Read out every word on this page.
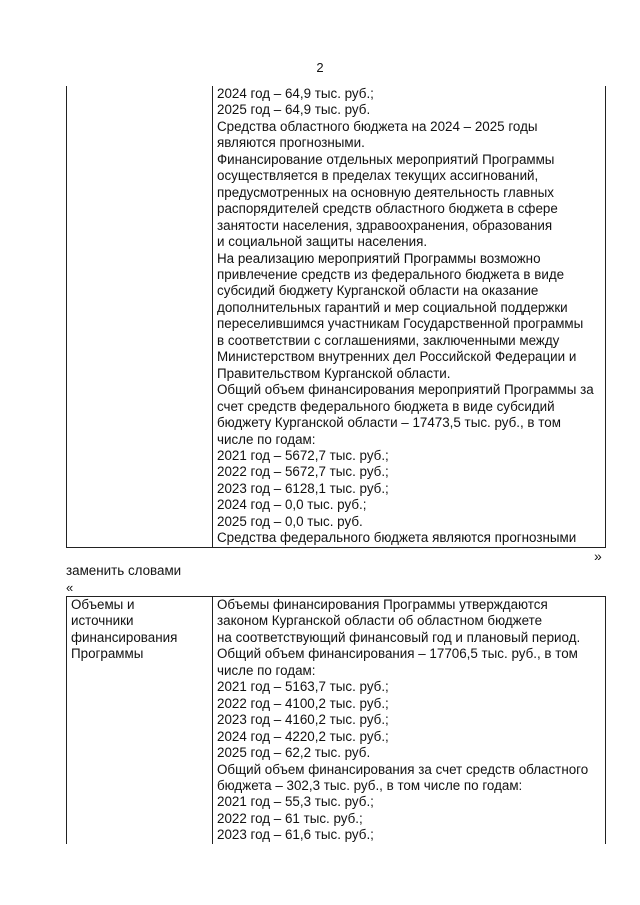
2

2024 год – 64,9 тыс. руб.;
2025 год – 64,9 тыс. руб.
Средства областного бюджета на 2024 – 2025 годы
являются прогнозными.
Финансирование отдельных мероприятий Программы
осуществляется в пределах текущих ассигнований,
предусмотренных на основную деятельность главных
распорядителей средств областного бюджета в сфере
занятости населения, здравоохранения, образования
и социальной защиты населения.
На реализацию мероприятий Программы возможно
привлечение средств из федерального бюджета в виде
субсидий бюджету Курганской области на оказание
дополнительных гарантий и мер социальной поддержки
переселившимся участникам Государственной программы
в соответствии с соглашениями, заключенными между
Министерством внутренних дел Российской Федерации и
Правительством Курганской области.
Общий объем финансирования мероприятий Программы за
счет средств федерального бюджета в виде субсидий
бюджету Курганской области – 17473,5 тыс. руб., в том
числе по годам:
2021 год – 5672,7 тыс. руб.;
2022 год – 5672,7 тыс. руб.;
2023 год – 6128,1 тыс. руб.;
2024 год – 0,0 тыс. руб.;
2025 год – 0,0 тыс. руб.
Средства федерального бюджета являются прогнозными
»
заменить словами
«
Объемы и
источники
финансирования
Программы

Объемы финансирования Программы утверждаются
законом Курганской области об областном бюджете
на соответствующий финансовый год и плановый период.
Общий объем финансирования – 17706,5 тыс. руб., в том
числе по годам:
2021 год – 5163,7 тыс. руб.;
2022 год – 4100,2 тыс. руб.;
2023 год – 4160,2 тыс. руб.;
2024 год – 4220,2 тыс. руб.;
2025 год – 62,2 тыс. руб.
Общий объем финансирования за счет средств областного
бюджета – 302,3 тыс. руб., в том числе по годам:
2021 год – 55,3 тыс. руб.;
2022 год – 61 тыс. руб.;
2023 год – 61,6 тыс. руб.;
